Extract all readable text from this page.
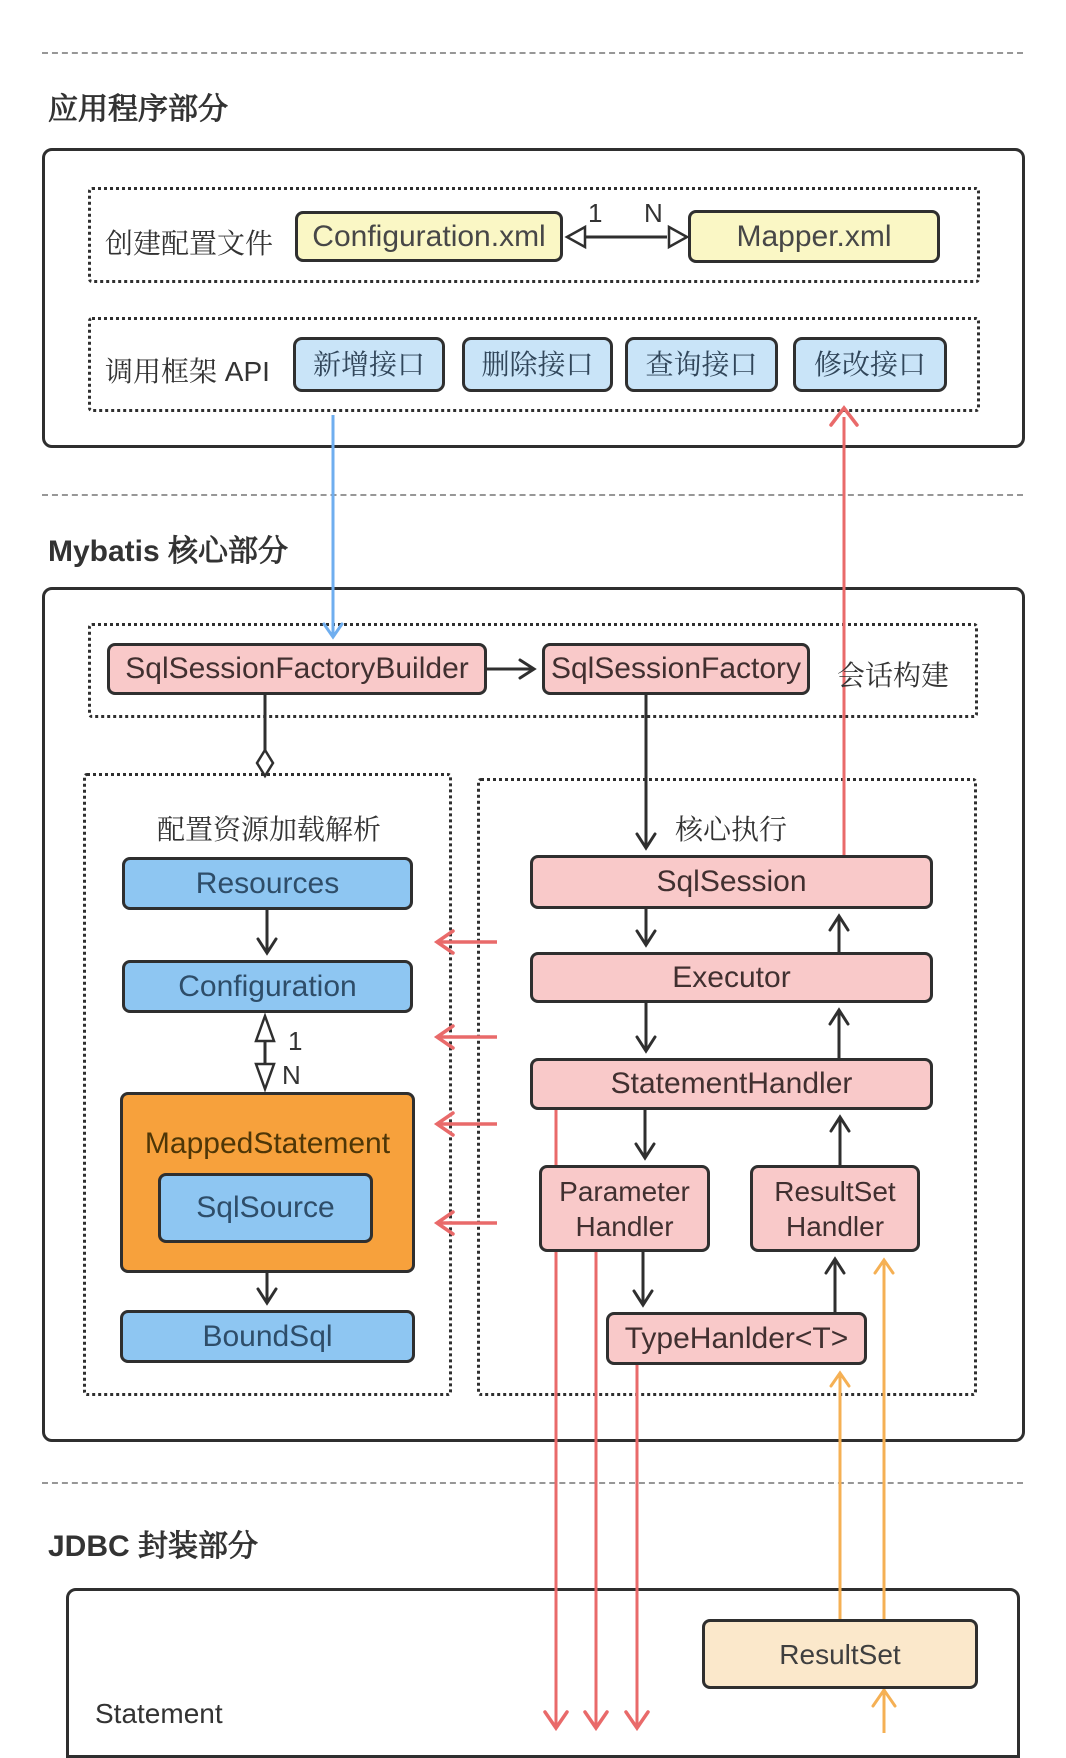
应用程序部分
Mybatis 核心部分
JDBC 封装部分
创建配置文件	Configuration.xml	Mapper.xml
1 N
调用框架 API	新增接口	删除接口	查询接口	修改接口
SqlSessionFactoryBuilder	SqlSessionFactory	会话构建
配置资源加载解析
Resources
Configuration
1
N
MappedStatement
SqlSource
BoundSql
核心执行
SqlSession
Executor
StatementHandler
Parameter Handler
ResultSet Handler
TypeHanlder<T>
ResultSet
Statement
